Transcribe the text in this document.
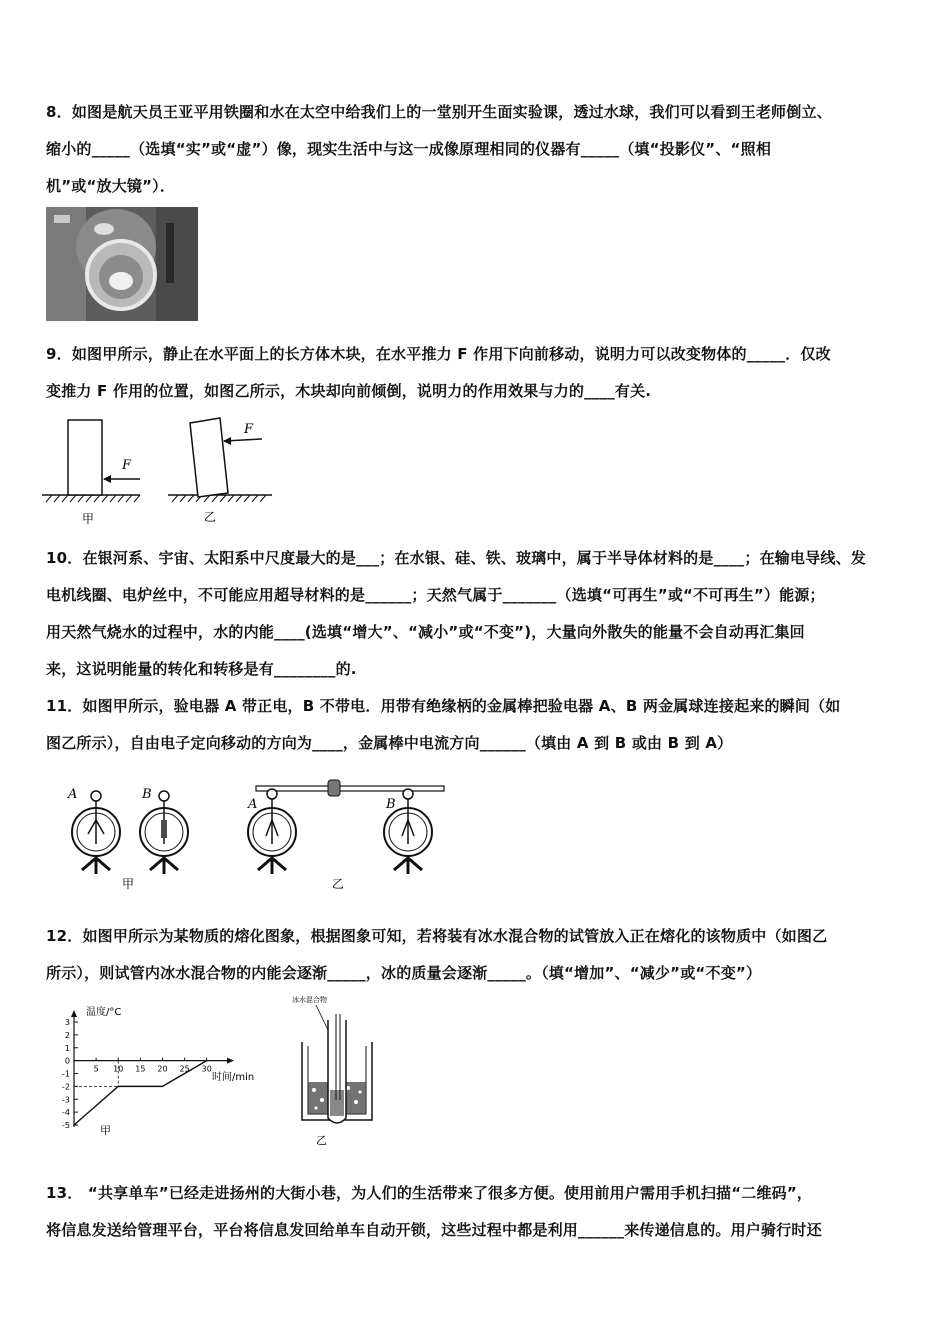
8．如图是航天员王亚平用铁圈和水在太空中给我们上的一堂别开生面实验课，透过水球，我们可以看到王老师倒立、

缩小的_____（选填“实”或“虚”）像，现实生活中与这一成像原理相同的仪器有_____（填“投影仪”、“照相

机”或“放大镜”）．

9．如图甲所示，静止在水平面上的长方体木块，在水平推力 F 作用下向前移动，说明力可以改变物体的_____．仅改

变推力 F 作用的位置，如图乙所示，木块却向前倾倒，说明力的作用效果与力的____有关.

F
甲
F
乙

10．在银河系、宇宙、太阳系中尺度最大的是___；在水银、硅、铁、玻璃中，属于半导体材料的是____；在输电导线、发

电机线圈、电炉丝中，不可能应用超导材料的是______；天然气属于_______（选填“可再生”或“不可再生”）能源；

用天然气烧水的过程中，水的内能____(选填“增大”、“减小”或“不变”)，大量向外散失的能量不会自动再汇集回

来，这说明能量的转化和转移是有________的.

11．如图甲所示，验电器 A 带正电，B 不带电．用带有绝缘柄的金属棒把验电器 A、B 两金属球连接起来的瞬间（如

图乙所示），自由电子定向移动的方向为____，金属棒中电流方向______（填由 A 到 B 或由 B 到 A）

A	B
甲
A	B
乙

12．如图甲所示为某物质的熔化图象，根据图象可知，若将装有冰水混合物的试管放入正在熔化的该物质中（如图乙

所示），则试管内冰水混合物的内能会逐渐_____，冰的质量会逐渐_____。（填“增加”、“减少”或“不变”）

3
2
1
0
-1
-2
-3
-4
-5
5 10 15 20 25 30
温度/°C
时间/min
甲
冰水混合物
乙

13． “共享单车”已经走进扬州的大街小巷，为人们的生活带来了很多方便。使用前用户需用手机扫描“二维码”，

将信息发送给管理平台，平台将信息发回给单车自动开锁，这些过程中都是利用______来传递信息的。用户骑行时还
